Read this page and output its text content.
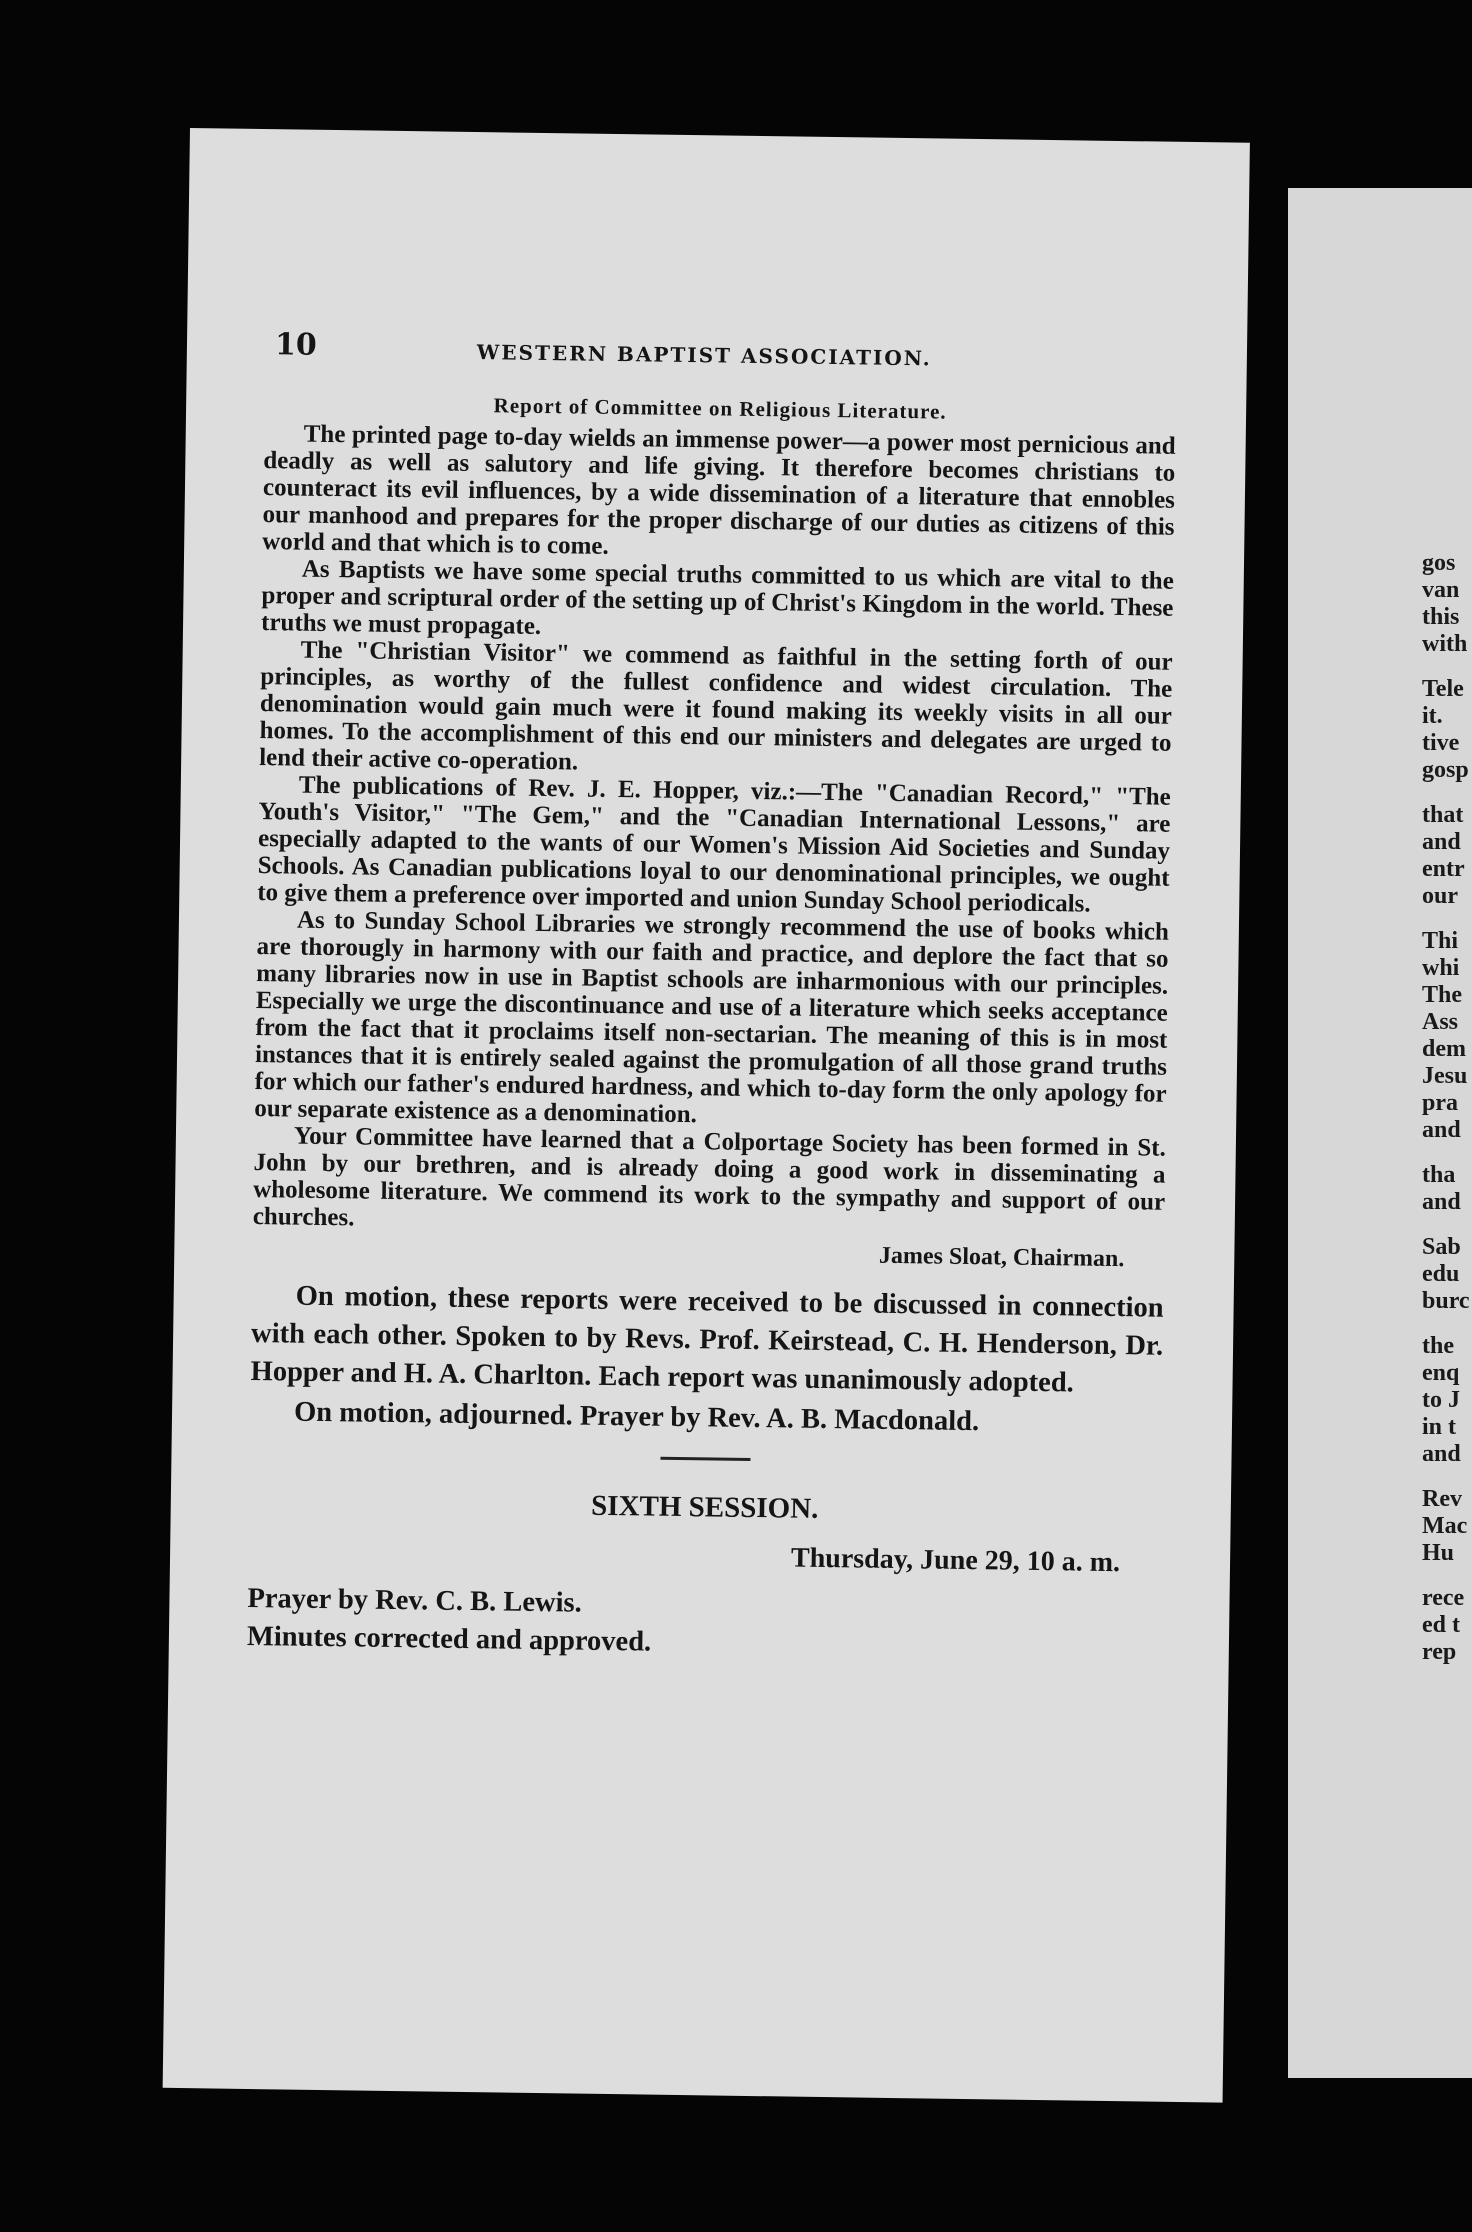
gos
van
this
with
Tele
it.
tive
gosp
that
and
entr
our
Thi
whi
The
Ass
dem
Jesu
pra
and
tha
and
Sab
edu
burc
the
enq
to J
in t
and
Rev
Mac
Hu
rece
ed t
rep
10	WESTERN BAPTIST ASSOCIATION.
Report of Committee on Religious Literature.

The printed page to-day wields an immense power—a power most pernicious and deadly as well as salutory and life giving. It therefore becomes christians to counteract its evil influences, by a wide dissemination of a literature that ennobles our manhood and prepares for the proper discharge of our duties as citizens of this world and that which is to come.

As Baptists we have some special truths committed to us which are vital to the proper and scriptural order of the setting up of Christ's Kingdom in the world. These truths we must propagate.

The "Christian Visitor" we commend as faithful in the setting forth of our principles, as worthy of the fullest confidence and widest circulation. The denomination would gain much were it found making its weekly visits in all our homes. To the accomplishment of this end our ministers and delegates are urged to lend their active co-operation.

The publications of Rev. J. E. Hopper, viz.:—The "Canadian Record," "The Youth's Visitor," "The Gem," and the "Canadian International Lessons," are especially adapted to the wants of our Women's Mission Aid Societies and Sunday Schools. As Canadian publications loyal to our denominational principles, we ought to give them a preference over imported and union Sunday School periodicals.

As to Sunday School Libraries we strongly recommend the use of books which are thorougly in harmony with our faith and practice, and deplore the fact that so many libraries now in use in Baptist schools are inharmonious with our principles. Especially we urge the discontinuance and use of a literature which seeks acceptance from the fact that it proclaims itself non-sectarian. The meaning of this is in most instances that it is entirely sealed against the promulgation of all those grand truths for which our father's endured hardness, and which to-day form the only apology for our separate existence as a denomination.

Your Committee have learned that a Colportage Society has been formed in St. John by our brethren, and is already doing a good work in disseminating a wholesome literature. We commend its work to the sympathy and support of our churches.

James Sloat, Chairman.

On motion, these reports were received to be discussed in connection with each other. Spoken to by Revs. Prof. Keirstead, C. H. Henderson, Dr. Hopper and H. A. Charlton. Each report was unanimously adopted.

On motion, adjourned. Prayer by Rev. A. B. Macdonald.

SIXTH SESSION.
Thursday, June 29, 10 a. m.

Prayer by Rev. C. B. Lewis.

Minutes corrected and approved.
